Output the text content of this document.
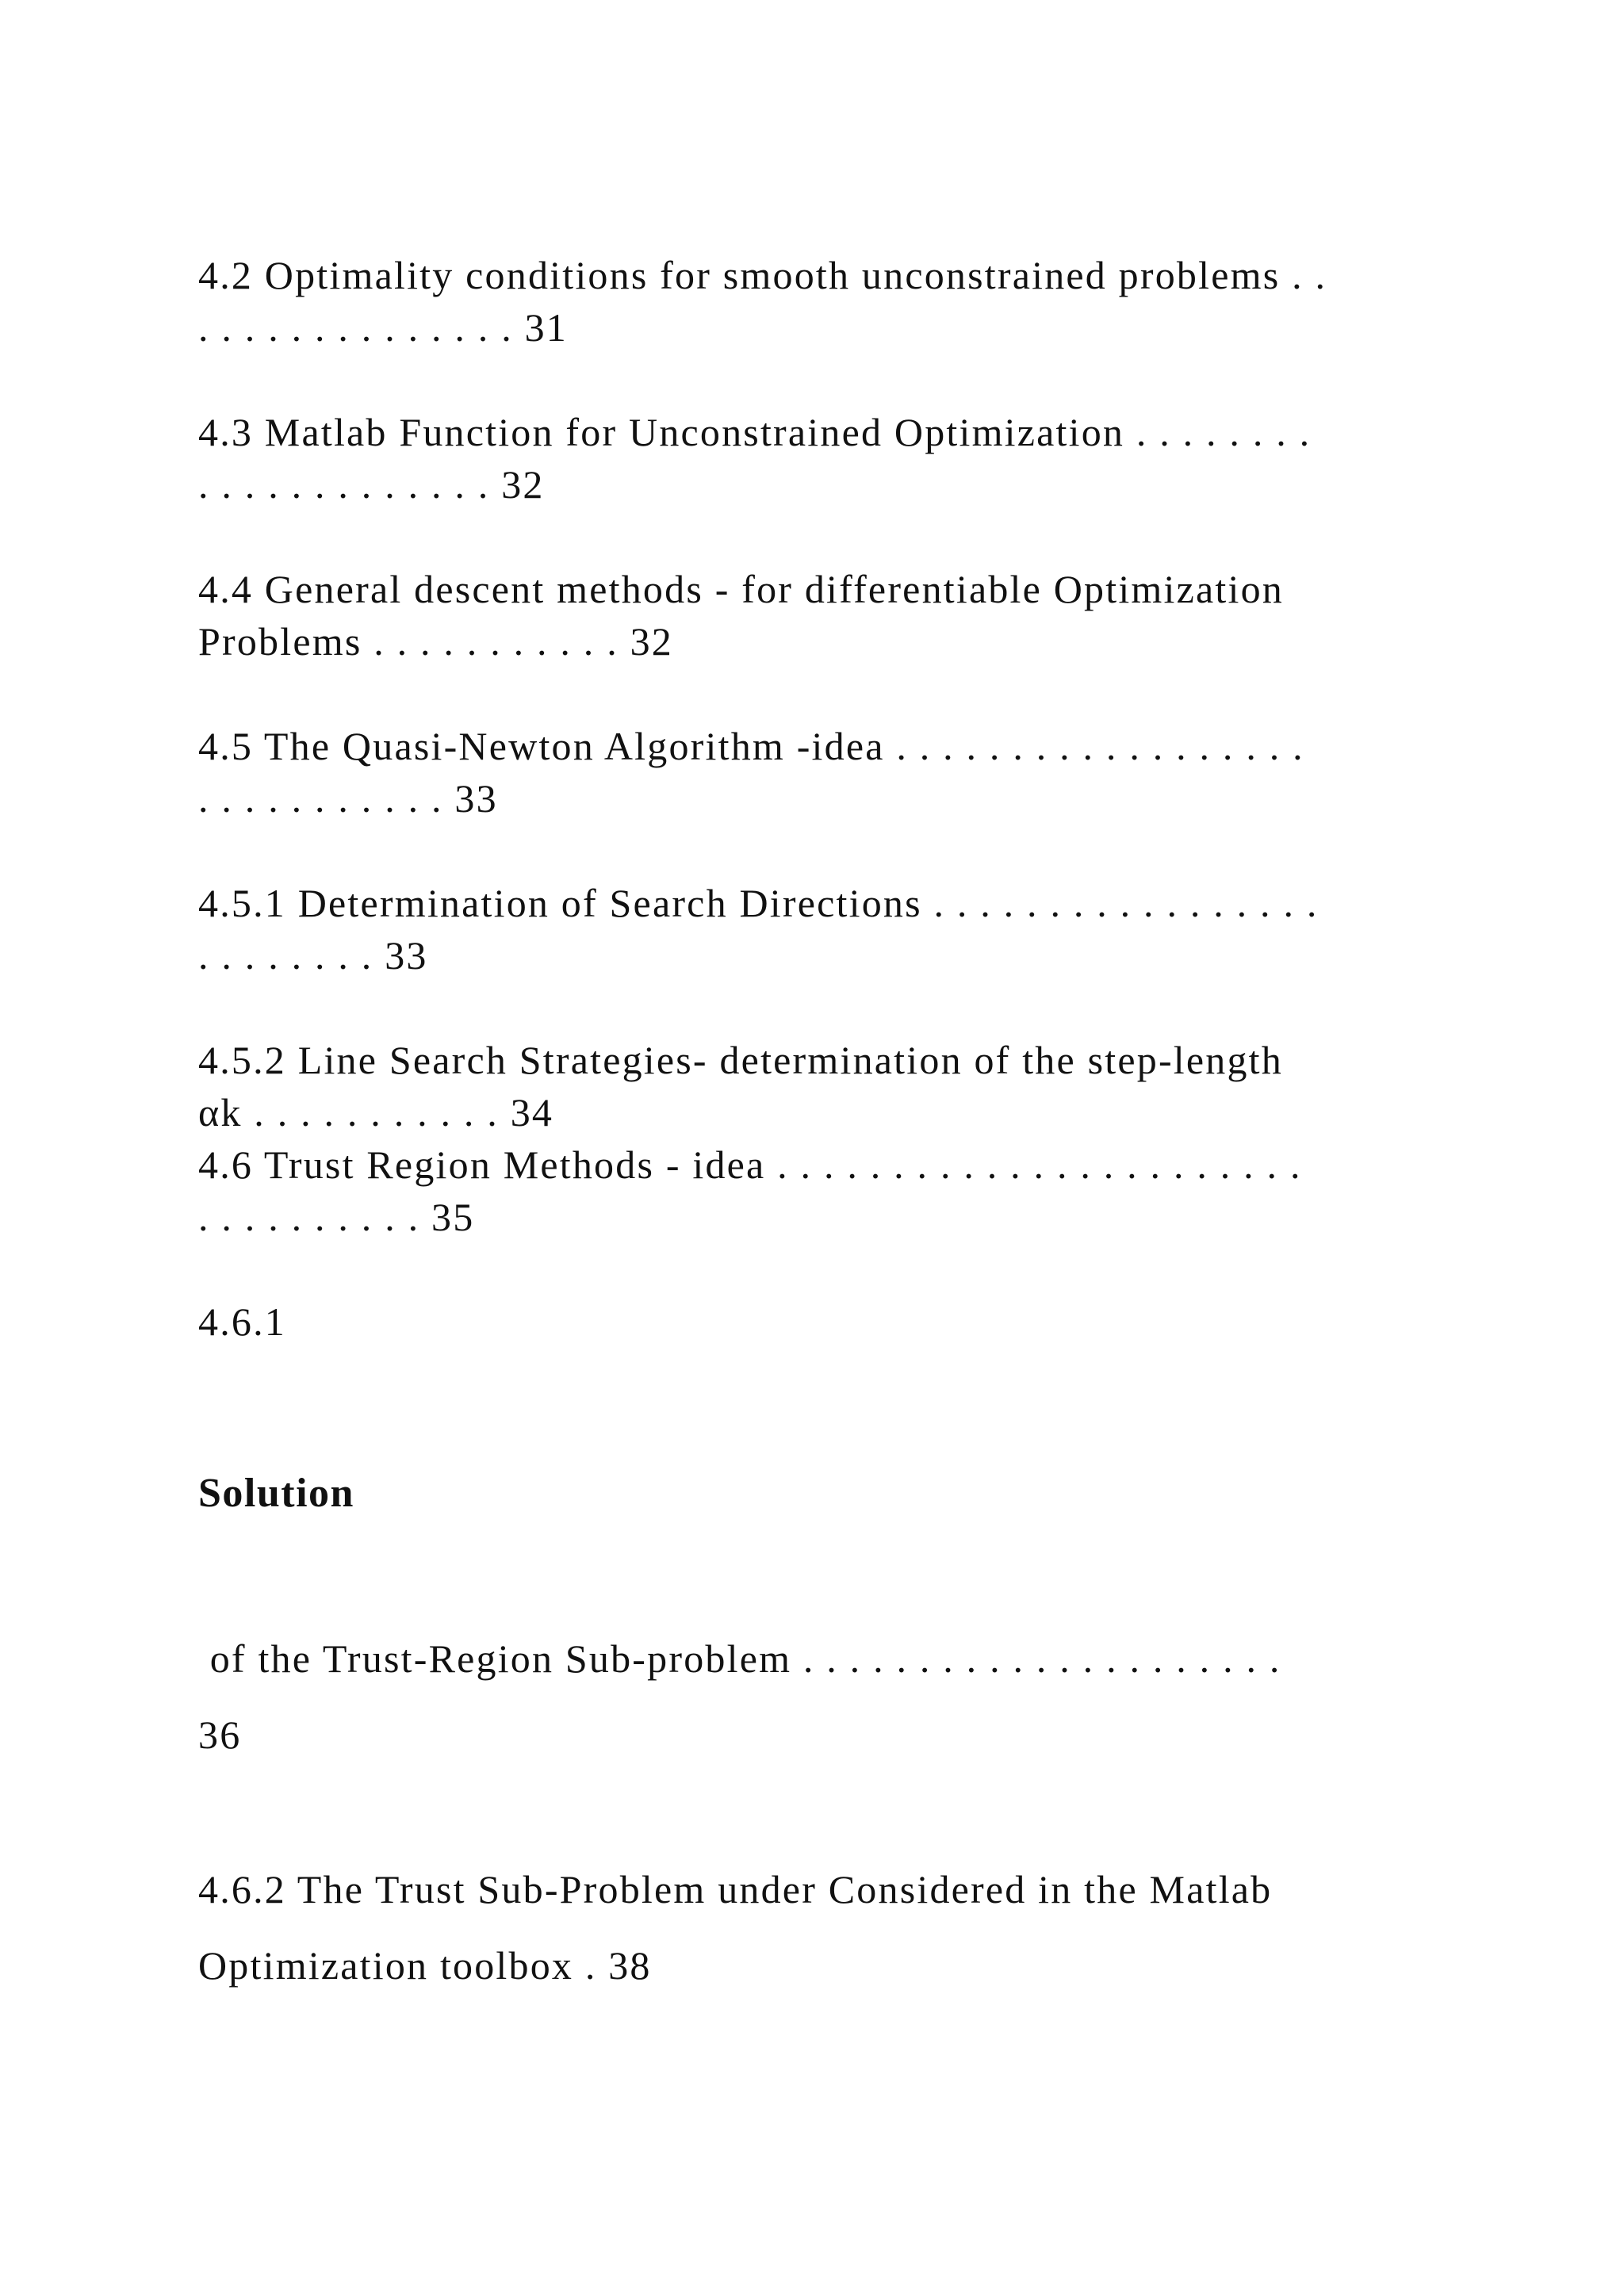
4.2 Optimality conditions for smooth unconstrained problems . .
. . . . . . . . . . . . . . 31
4.3 Matlab Function for Unconstrained Optimization . . . . . . . .
. . . . . . . . . . . . . 32
4.4 General descent methods - for differentiable Optimization
Problems . . . . . . . . . . . 32
4.5 The Quasi-Newton Algorithm -idea . . . . . . . . . . . . . . . . . .
. . . . . . . . . . . 33
4.5.1 Determination of Search Directions . . . . . . . . . . . . . . . . .
. . . . . . . . 33
4.5.2 Line Search Strategies- determination of the step-length
αk . . . . . . . . . . . 34
4.6 Trust Region Methods - idea . . . . . . . . . . . . . . . . . . . . . . .
. . . . . . . . . . 35
4.6.1
Solution
of the Trust-Region Sub-problem . . . . . . . . . . . . . . . . . . . . .
36
4.6.2 The Trust Sub-Problem under Considered in the Matlab
Optimization toolbox . 38
